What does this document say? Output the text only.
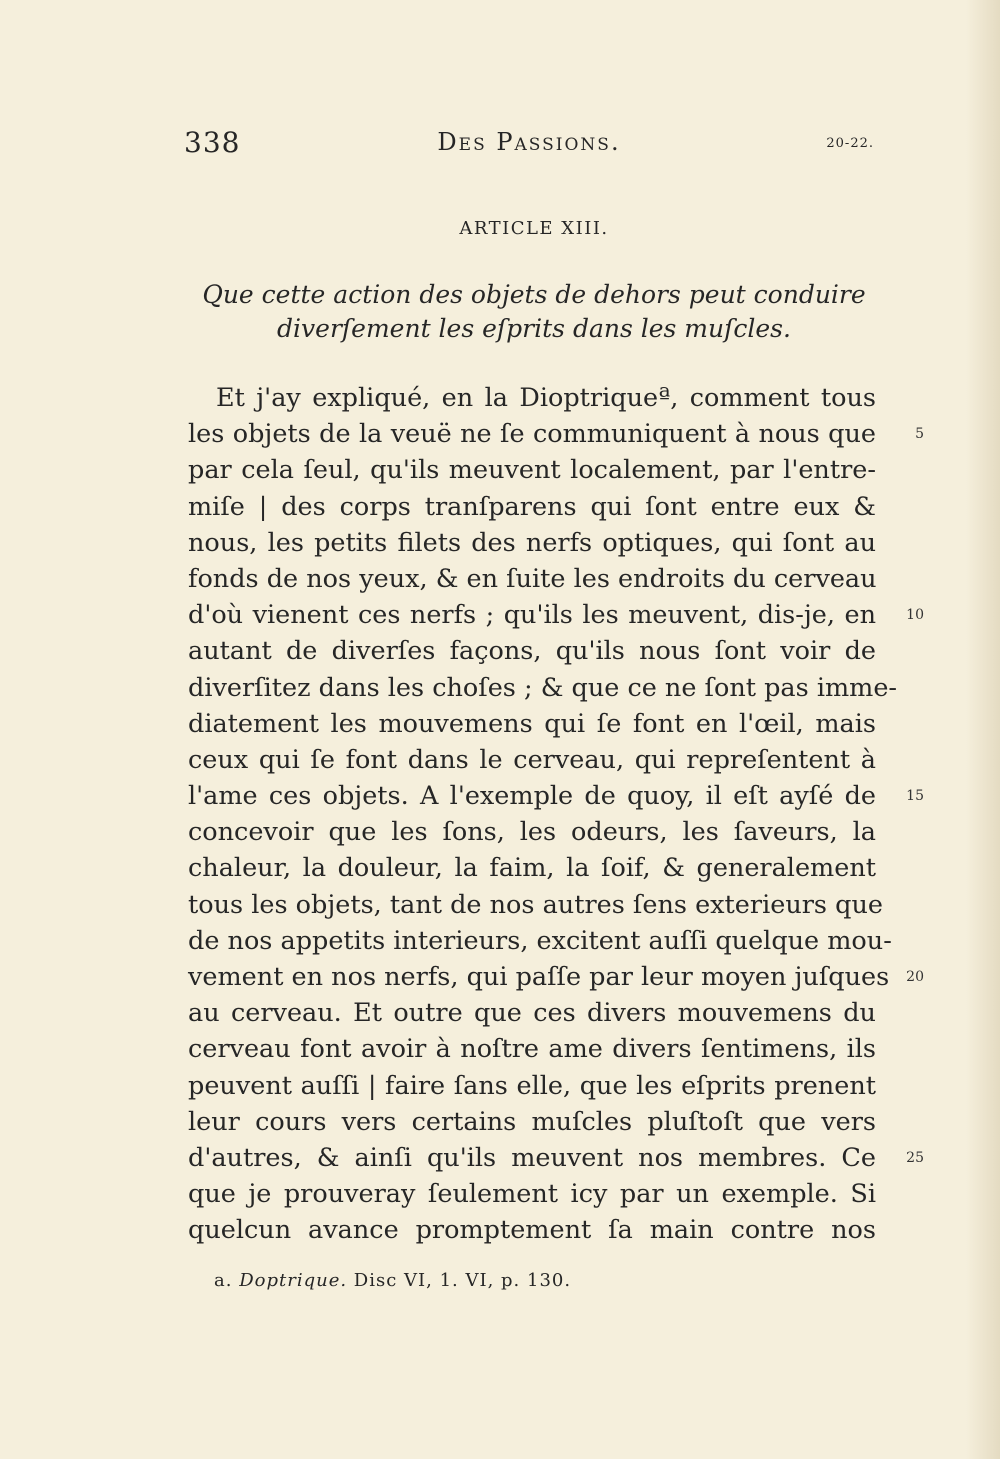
338	Des Passions.	20-22.
ARTICLE XIII.
Que cette action des objets de dehors peut conduire
diverſement les eſprits dans les muſcles.
Et j'ay expliqué, en la Dioptriqueª, comment tous
les objets de la veuë ne ſe communiquent à nous que	5
par cela ſeul, qu'ils meuvent localement, par l'entre-
miſe | des corps tranſparens qui ſont entre eux &
nous, les petits filets des nerfs optiques, qui ſont au
fonds de nos yeux, & en ſuite les endroits du cerveau
d'où vienent ces nerfs ; qu'ils les meuvent, dis-je, en 10
autant de diverſes façons, qu'ils nous ſont voir de
diverſitez dans les choſes ; & que ce ne ſont pas imme-
diatement les mouvemens qui ſe font en l'œil, mais
ceux qui ſe font dans le cerveau, qui repreſentent à
l'ame ces objets. A l'exemple de quoy, il eſt ayſé de 15
concevoir que les ſons, les odeurs, les ſaveurs, la
chaleur, la douleur, la faim, la ſoif, & generalement
tous les objets, tant de nos autres ſens exterieurs que
de nos appetits interieurs, excitent auſſi quelque mou-
vement en nos nerfs, qui paſſe par leur moyen juſques 20
au cerveau. Et outre que ces divers mouvemens du
cerveau font avoir à noſtre ame divers ſentimens, ils
peuvent auſſi | faire ſans elle, que les eſprits prenent
leur cours vers certains muſcles pluſtoſt que vers
d'autres, & ainſi qu'ils meuvent nos membres. Ce 25
que je prouveray ſeulement icy par un exemple. Si
quelcun avance promptement ſa main contre nos
a. Doptrique. Disc VI, 1. VI, p. 130.
